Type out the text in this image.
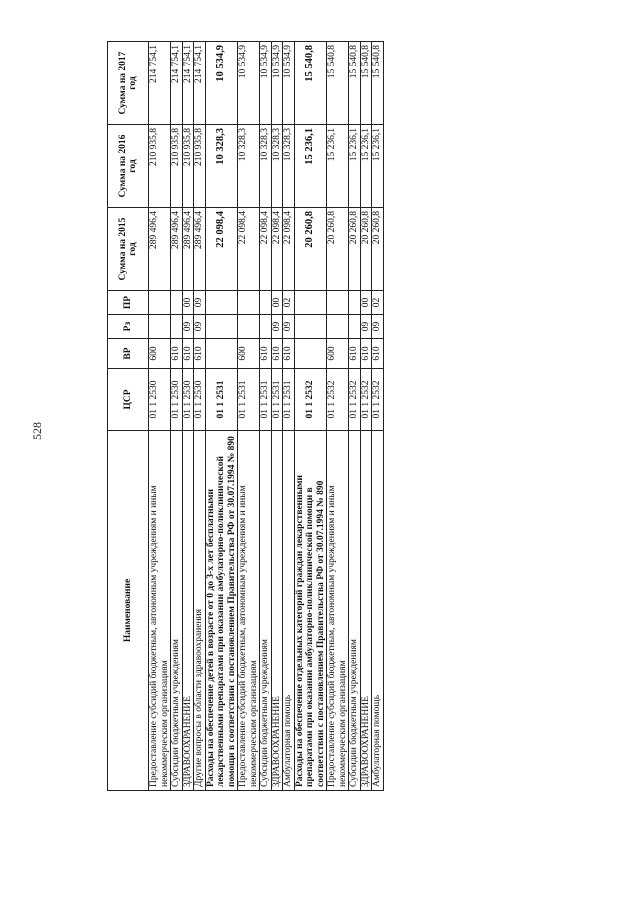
528
Наименование	ЦСР	ВР	Рз	ПР	Сумма на 2015 год	Сумма на 2016 год	Сумма на 2017 год
Предоставление субсидий бюджетным, автономным учреждениям и иным некоммерческим организациям	01 1 2530	600			289 496,4	210 935,8	214 754,1
Субсидии бюджетным учреждениям	01 1 2530	610			289 496,4	210 935,8	214 754,1
ЗДРАВООХРАНЕНИЕ	01 1 2530	610	09	00	289 496,4	210 935,8	214 754,1
Другие вопросы в области здравоохранения	01 1 2530	610	09	09	289 496,4	210 935,8	214 754,1
Расходы на обеспечение детей в возрасте от 0 до 3-х лет бесплатными лекарственными препаратами при оказании амбулаторно-поликлинической помощи в соответствии с постановлением Правительства РФ от 30.07.1994 № 890	01 1 2531				22 098,4	10 328,3	10 534,9
Предоставление субсидий бюджетным, автономным учреждениям и иным некоммерческим организациям	01 1 2531	600			22 098,4	10 328,3	10 534,9
Субсидии бюджетным учреждениям	01 1 2531	610			22 098,4	10 328,3	10 534,9
ЗДРАВООХРАНЕНИЕ	01 1 2531	610	09	00	22 098,4	10 328,3	10 534,9
Амбулаторная помощь	01 1 2531	610	09	02	22 098,4	10 328,3	10 534,9
Расходы на обеспечение отдельных категорий граждан лекарственными препаратами при оказании амбулаторно-поликлинической помощи в соответствии с постановлением Правительства РФ от 30.07.1994 № 890	01 1 2532				20 260,8	15 236,1	15 540,8
Предоставление субсидий бюджетным, автономным учреждениям и иным некоммерческим организациям	01 1 2532	600			20 260,8	15 236,1	15 540,8
Субсидии бюджетным учреждениям	01 1 2532	610			20 260,8	15 236,1	15 540,8
ЗДРАВООХРАНЕНИЕ	01 1 2532	610	09	00	20 260,8	15 236,1	15 540,8
Амбулаторная помощь	01 1 2532	610	09	02	20 260,8	15 236,1	15 540,8
